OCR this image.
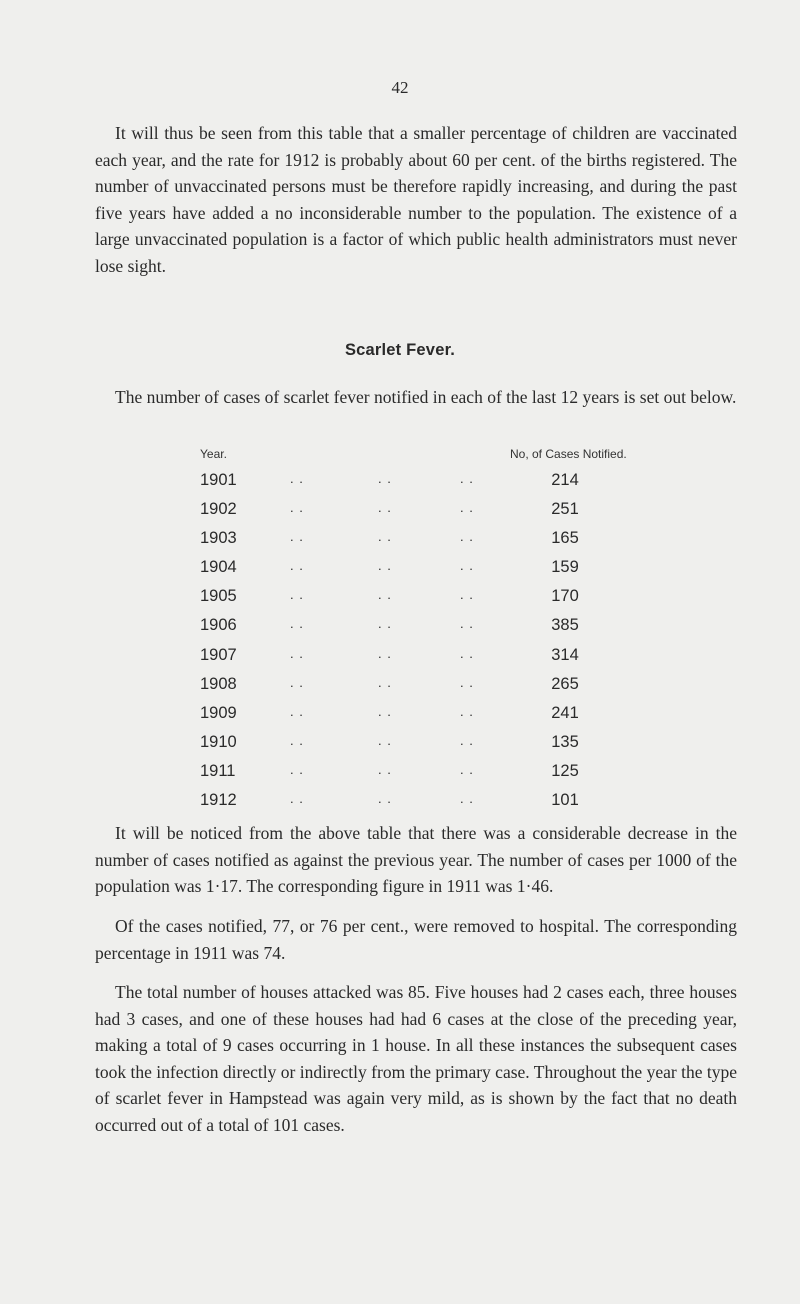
42

It will thus be seen from this table that a smaller percentage of children are vaccinated each year, and the rate for 1912 is probably about 60 per cent. of the births registered. The number of unvaccinated persons must be therefore rapidly increasing, and during the past five years have added a no inconsiderable number to the population. The existence of a large unvaccinated population is a factor of which public health administrators must never lose sight.

Scarlet Fever.

The number of cases of scarlet fever notified in each of the last 12 years is set out below.

Year.	No, of Cases Notified.
1901	. .	. .	. .	214
1902	. .	. .	. .	251
1903	. .	. .	. .	165
1904	. .	. .	. .	159
1905	. .	. .	. .	170
1906	. .	. .	. .	385
1907	. .	. .	. .	314
1908	. .	. .	. .	265
1909	. .	. .	. .	241
1910	. .	. .	. .	135
1911	. .	. .	. .	125
1912	. .	. .	. .	101

It will be noticed from the above table that there was a considerable decrease in the number of cases notified as against the previous year. The number of cases per 1000 of the population was 1·17. The corresponding figure in 1911 was 1·46.

Of the cases notified, 77, or 76 per cent., were removed to hospital. The corresponding percentage in 1911 was 74.

The total number of houses attacked was 85. Five houses had 2 cases each, three houses had 3 cases, and one of these houses had had 6 cases at the close of the preceding year, making a total of 9 cases occurring in 1 house. In all these instances the subsequent cases took the infection directly or indirectly from the primary case. Throughout the year the type of scarlet fever in Hampstead was again very mild, as is shown by the fact that no death occurred out of a total of 101 cases.
